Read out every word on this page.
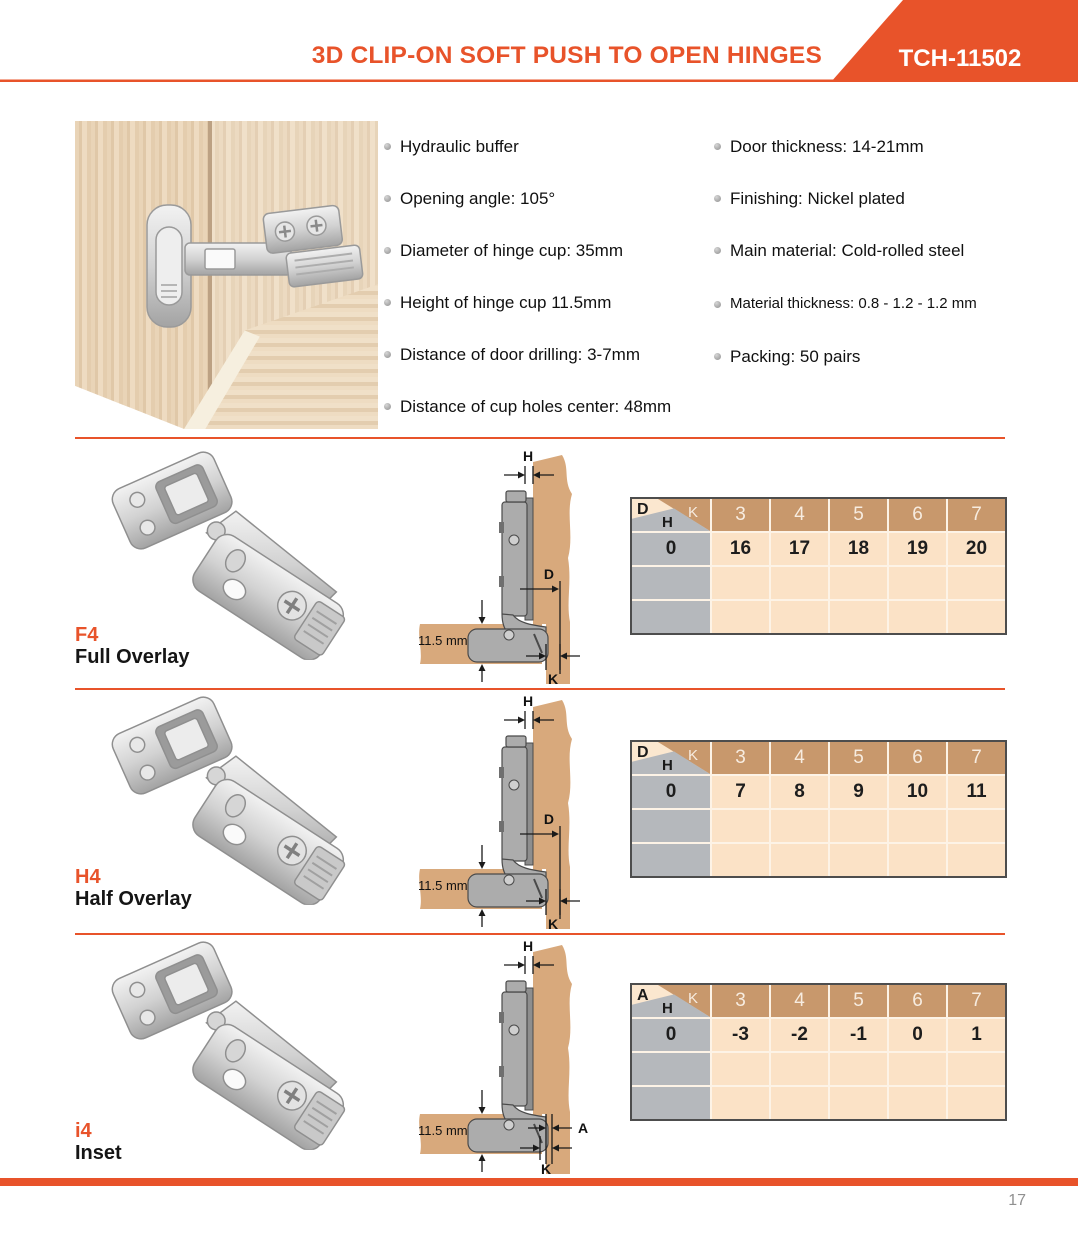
3D CLIP-ON SOFT PUSH TO OPEN HINGES	TCH-11502
Hydraulic buffer
Opening angle: 105°
Diameter of hinge cup: 35mm
Height of hinge cup 11.5mm
Distance of door drilling: 3-7mm
Distance of cup holes center: 48mm
Door thickness: 14-21mm
Finishing: Nickel plated
Main material: Cold-rolled steel
Material thickness: 0.8 - 1.2 - 1.2 mm
Packing: 50 pairs
H
D
11.5 mm
K
D K
H	3	4	5	6	7
0	16	17	18	19	20

F4
Full Overlay
H
D
11.5 mm
K
D K
H	3	4	5	6	7
0	7	8	9	10	11

H4
Half Overlay
H
11.5 mm	A
K
A K
H	3	4	5	6	7
0	-3	-2	-1	0	1

i4
Inset
17
